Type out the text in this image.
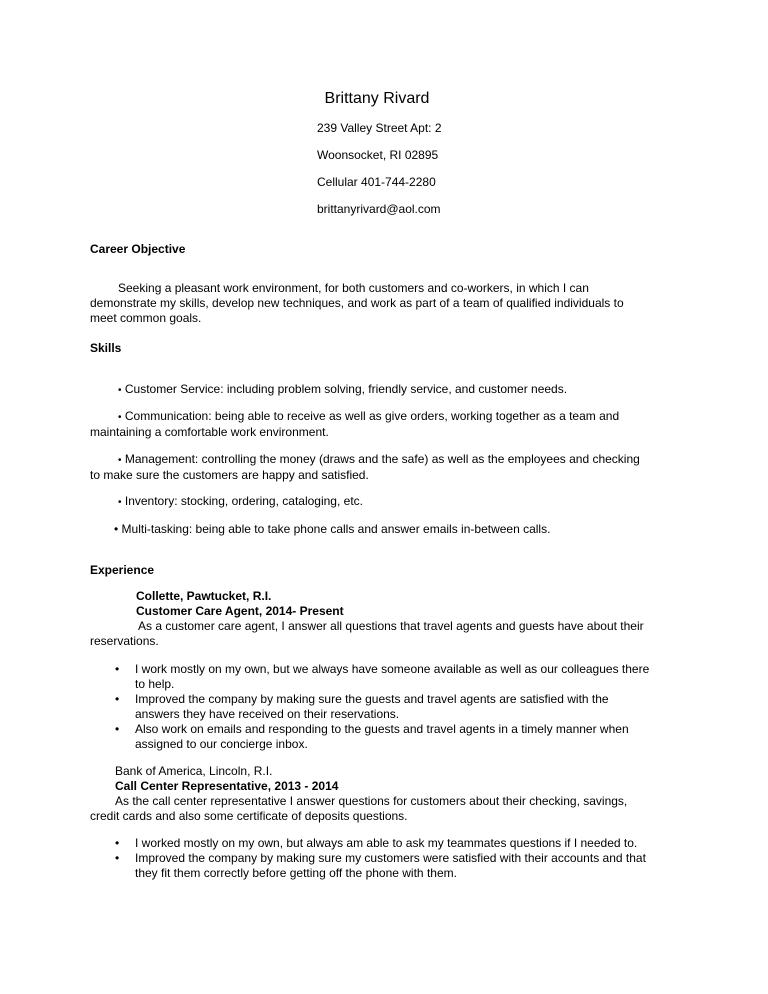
Brittany Rivard
239 Valley Street Apt: 2
Woonsocket, RI 02895
Cellular 401-744-2280
brittanyrivard@aol.com
Career Objective
Seeking a pleasant work environment, for both customers and co-workers, in which I can
demonstrate my skills, develop new techniques, and work as part of a team of qualified individuals to
meet common goals.
Skills
• Customer Service: including problem solving, friendly service, and customer needs.
• Communication: being able to receive as well as give orders, working together as a team and
maintaining a comfortable work environment.
• Management: controlling the money (draws and the safe) as well as the employees and checking
to make sure the customers are happy and satisfied.
• Inventory: stocking, ordering, cataloging, etc.
• Multi-tasking: being able to take phone calls and answer emails in-between calls.
Experience
Collette, Pawtucket, R.I.
Customer Care Agent, 2014- Present
As a customer care agent, I answer all questions that travel agents and guests have about their
reservations.
• I work mostly on my own, but we always have someone available as well as our colleagues there
to help.
• Improved the company by making sure the guests and travel agents are satisfied with the
answers they have received on their reservations.
• Also work on emails and responding to the guests and travel agents in a timely manner when
assigned to our concierge inbox.
Bank of America, Lincoln, R.I.
Call Center Representative, 2013 - 2014
As the call center representative I answer questions for customers about their checking, savings,
credit cards and also some certificate of deposits questions.
• I worked mostly on my own, but always am able to ask my teammates questions if I needed to.
• Improved the company by making sure my customers were satisfied with their accounts and that
they fit them correctly before getting off the phone with them.
